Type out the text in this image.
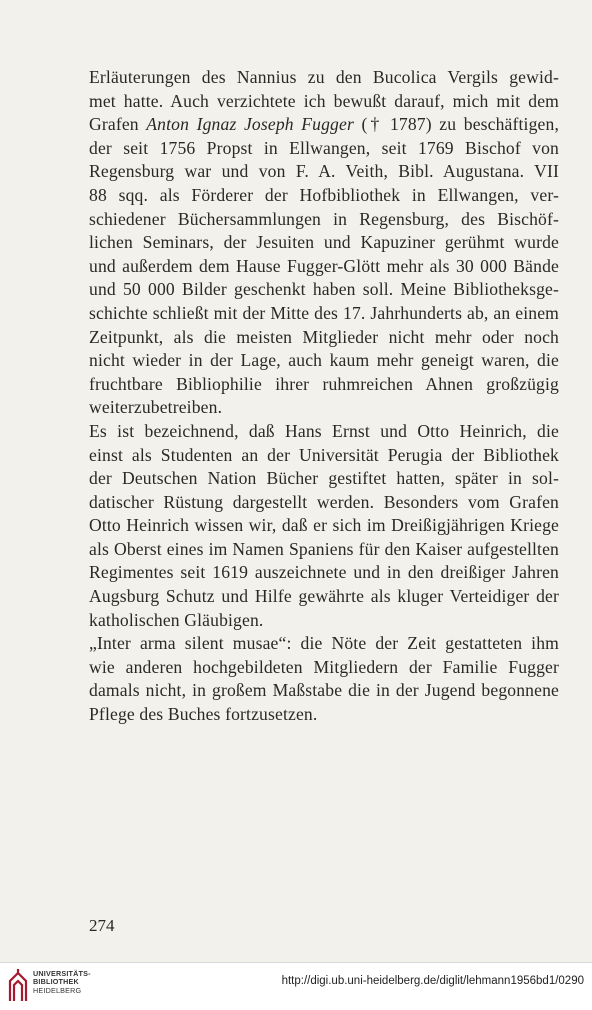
Erläuterungen des Nannius zu den Bucolica Vergils gewid-
met hatte. Auch verzichtete ich bewußt darauf, mich mit dem
Grafen Anton Ignaz Joseph Fugger († 1787) zu beschäftigen,
der seit 1756 Propst in Ellwangen, seit 1769 Bischof von
Regensburg war und von F. A. Veith, Bibl. Augustana. VII
88 sqq. als Förderer der Hofbibliothek in Ellwangen, ver-
schiedener Büchersammlungen in Regensburg, des Bischöf-
lichen Seminars, der Jesuiten und Kapuziner gerühmt wurde
und außerdem dem Hause Fugger-Glött mehr als 30 000 Bände
und 50 000 Bilder geschenkt haben soll. Meine Bibliotheksge-
schichte schließt mit der Mitte des 17. Jahrhunderts ab, an einem
Zeitpunkt, als die meisten Mitglieder nicht mehr oder noch
nicht wieder in der Lage, auch kaum mehr geneigt waren, die
fruchtbare Bibliophilie ihrer ruhmreichen Ahnen großzügig
weiterzubetreiben.
Es ist bezeichnend, daß Hans Ernst und Otto Heinrich, die
einst als Studenten an der Universität Perugia der Bibliothek
der Deutschen Nation Bücher gestiftet hatten, später in sol-
datischer Rüstung dargestellt werden. Besonders vom Grafen
Otto Heinrich wissen wir, daß er sich im Dreißigjährigen Kriege
als Oberst eines im Namen Spaniens für den Kaiser aufgestellten
Regimentes seit 1619 auszeichnete und in den dreißiger Jahren
Augsburg Schutz und Hilfe gewährte als kluger Verteidiger der
katholischen Gläubigen.
„Inter arma silent musae“: die Nöte der Zeit gestatteten ihm
wie anderen hochgebildeten Mitgliedern der Familie Fugger
damals nicht, in großem Maßstabe die in der Jugend begonnene
Pflege des Buches fortzusetzen.
274
UNIVERSITÄTS-
BIBLIOTHEK
HEIDELBERG
http://digi.ub.uni-heidelberg.de/diglit/lehmann1956bd1/0290
